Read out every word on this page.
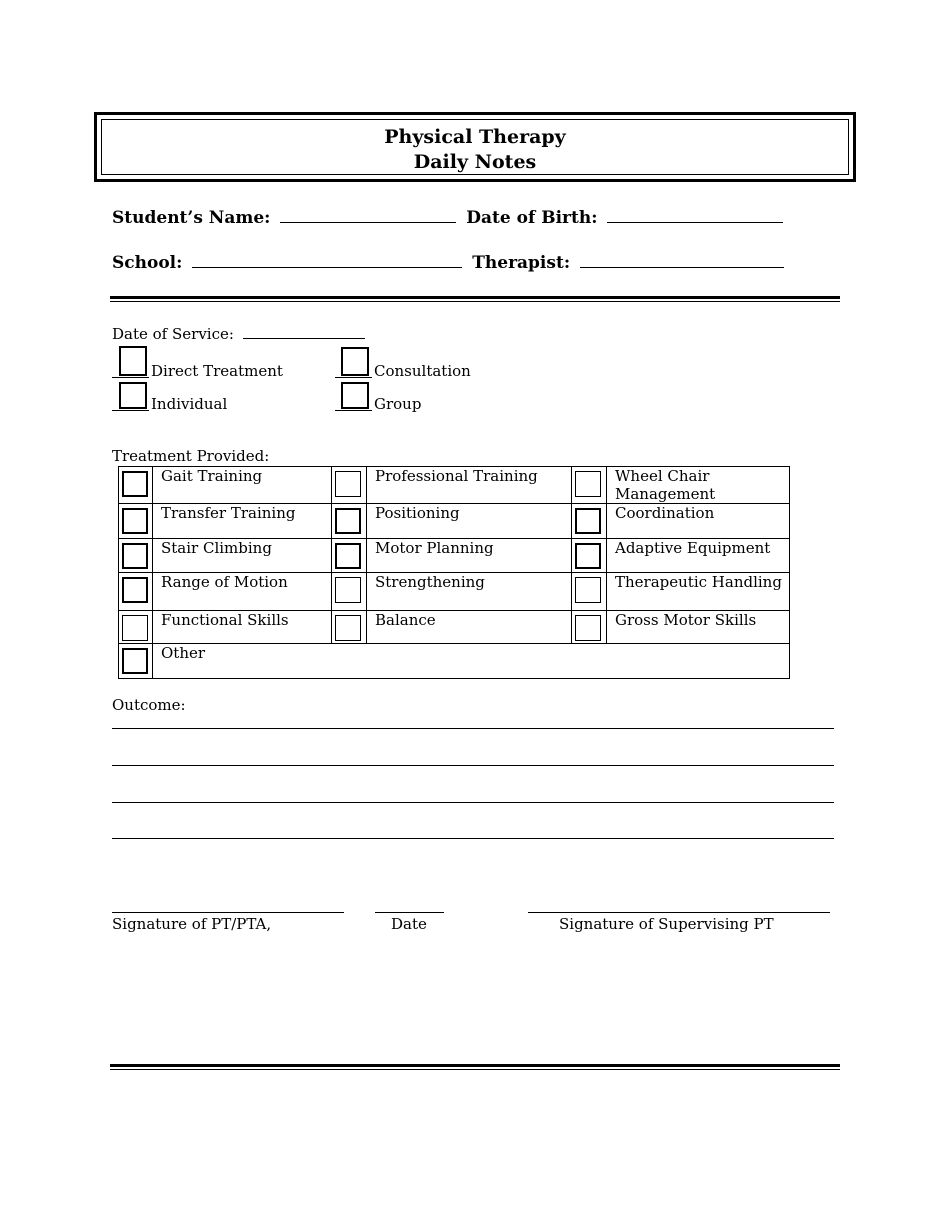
Physical Therapy
Daily Notes
Student’s Name:	Date of Birth:
School:	Therapist:
Date of Service:
Direct Treatment	Consultation
Individual	Group
Treatment Provided:
	Gait Training		Professional Training		Wheel Chair Management

	Transfer Training		Positioning		Coordination

	Stair Climbing		Motor Planning		Adaptive Equipment

	Range of Motion		Strengthening		Therapeutic Handling

	Functional Skills		Balance		Gross Motor Skills

	Other				
Outcome:
Signature of PT/PTA,	Date	Signature of Supervising PT
